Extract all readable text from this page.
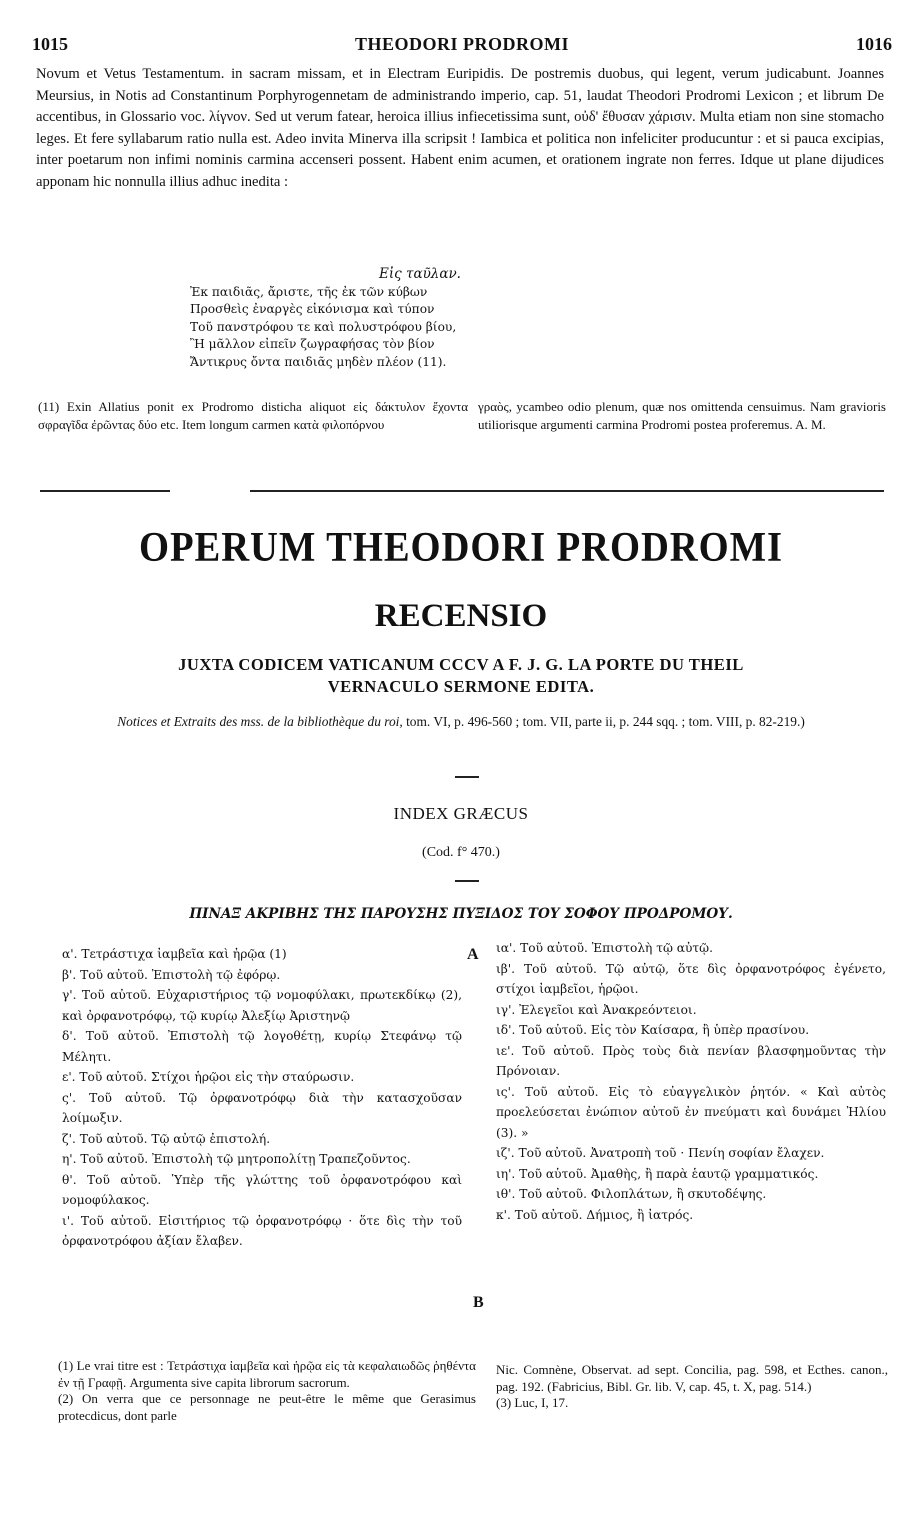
1015	THEODORI PRODROMI	1016

Novum et Vetus Testamentum. in sacram missam, et in Electram Euripidis. De postremis duobus, qui legent, verum judicabunt. Joannes Meursius, in Notis ad Constantinum Porphyrogennetam de administrando imperio, cap. 51, laudat Theodori Prodromi Lexicon ; et librum De accentibus, in Glossario voc. λίγνον. Sed ut verum fatear, heroica illius infiecetissima sunt, οὐδ' ἔθυσαν χάρισιν. Multa etiam non sine stomacho leges. Et fere syllabarum ratio nulla est. Adeo invita Minerva illa scripsit ! Iambica et politica non infeliciter producuntur : et si pauca excipias, inter poetarum non infimi nominis carmina accenseri possent. Habent enim acumen, et orationem ingrate non ferres. Idque ut plane dijudices apponam hic nonnulla illius adhuc inedita :

Εἰς ταῦλαν.
Ἐκ παιδιᾶς, ἄριστε, τῆς ἐκ τῶν κύβων
Προσθεὶς ἐναργὲς εἰκόνισμα καὶ τύπον
Τοῦ πανστρόφου τε καὶ πολυστρόφου βίου,
Ἢ μᾶλλον εἰπεῖν ζωγραφήσας τὸν βίον
Ἄντικρυς ὄντα παιδιᾶς μηδὲν πλέον (11).
(11) Exin Allatius ponit ex Prodromo disticha aliquot εἰς δάκτυλον ἔχοντα σφραγῖδα ἐρῶντας δύο etc. Item longum carmen κατὰ φιλοπόρνου
γραὸς, ycambeo odio plenum, quæ nos omittenda censuimus. Nam gravioris utiliorisque argumenti carmina Prodromi postea proferemus. A. M.
OPERUM THEODORI PRODROMI
RECENSIO
JUXTA CODICEM VATICANUM CCCV A F. J. G. LA PORTE DU THEIL
VERNACULO SERMONE EDITA.
Notices et Extraits des mss. de la bibliothèque du roi, tom. VI, p. 496-560 ; tom. VII, parte ii, p. 244 sqq. ; tom. VIII, p. 82-219.)
INDEX GRÆCUS
(Cod. f° 470.)
ΠΙΝΑΞ ΑΚΡΙΒΗΣ ΤΗΣ ΠΑΡΟΥΣΗΣ ΠΥΞΙΔΟΣ ΤΟΥ ΣΟΦΟΥ ΠΡΟΔΡΟΜΟΥ.
A
B
α'. Τετράστιχα ἰαμβεῖα καὶ ἡρῷα (1)
β'. Τοῦ αὐτοῦ. Ἐπιστολὴ τῷ ἐφόρῳ.
γ'. Τοῦ αὐτοῦ. Εὐχαριστήριος τῷ νομοφύλακι, πρωτεκδίκῳ (2), καὶ ὀρφανοτρόφῳ, τῷ κυρίῳ Ἀλεξίῳ Ἀριστηνῷ
δ'. Τοῦ αὐτοῦ. Ἐπιστολὴ τῷ λογοθέτῃ, κυρίῳ Στεφάνῳ τῷ Μέλητι.
ε'. Τοῦ αὐτοῦ. Στίχοι ἡρῷοι εἰς τὴν σταύρωσιν.
ς'. Τοῦ αὐτοῦ. Τῷ ὀρφανοτρόφῳ διὰ τὴν κατασχοῦσαν λοίμωξιν.
ζ'. Τοῦ αὐτοῦ. Τῷ αὐτῷ ἐπιστολή.
η'. Τοῦ αὐτοῦ. Ἐπιστολὴ τῷ μητροπολίτῃ Τραπεζοῦντος.
θ'. Τοῦ αὐτοῦ. Ὑπὲρ τῆς γλώττης τοῦ ὀρφανοτρόφου καὶ νομοφύλακος.
ι'. Τοῦ αὐτοῦ. Εἰσιτήριος τῷ ὀρφανοτρόφῳ · ὅτε δὶς τὴν τοῦ ὀρφανοτρόφου ἀξίαν ἔλαβεν.
ια'. Τοῦ αὐτοῦ. Ἐπιστολὴ τῷ αὐτῷ.
ιβ'. Τοῦ αὐτοῦ. Τῷ αὐτῷ, ὅτε δὶς ὀρφανοτρόφος ἐγένετο, στίχοι ἰαμβεῖοι, ἡρῷοι.
ιγ'. Ἐλεγεῖοι καὶ Ἀνακρεόντειοι.
ιδ'. Τοῦ αὐτοῦ. Εἰς τὸν Καίσαρα, ἢ ὑπὲρ πρασίνου.
ιε'. Τοῦ αὐτοῦ. Πρὸς τοὺς διὰ πενίαν βλασφημοῦντας τὴν Πρόνοιαν.
ις'. Τοῦ αὐτοῦ. Εἰς τὸ εὐαγγελικὸν ῥητόν. « Καὶ αὐτὸς προελεύσεται ἐνώπιον αὐτοῦ ἐν πνεύματι καὶ δυνάμει Ἠλίου (3). »
ιζ'. Τοῦ αὐτοῦ. Ἀνατροπὴ τοῦ · Πενίη σοφίαν ἔλαχεν.
ιη'. Τοῦ αὐτοῦ. Ἀμαθὴς, ἢ παρὰ ἑαυτῷ γραμματικός.
ιθ'. Τοῦ αὐτοῦ. Φιλοπλάτων, ἢ σκυτοδέψης.
κ'. Τοῦ αὐτοῦ. Δήμιος, ἢ ἰατρός.

(1) Le vrai titre est : Τετράστιχα ἰαμβεῖα καὶ ἡρῷα εἰς τὰ κεφαλαιωδῶς ῥηθέντα ἐν τῇ Γραφῇ. Argumenta sive capita librorum sacrorum.

(2) On verra que ce personnage ne peut-être le même que Gerasimus protecdicus, dont parle

Nic. Comnène, Observat. ad sept. Concilia, pag. 598, et Ecthes. canon., pag. 192. (Fabricius, Bibl. Gr. lib. V, cap. 45, t. X, pag. 514.)

(3) Luc, I, 17.
